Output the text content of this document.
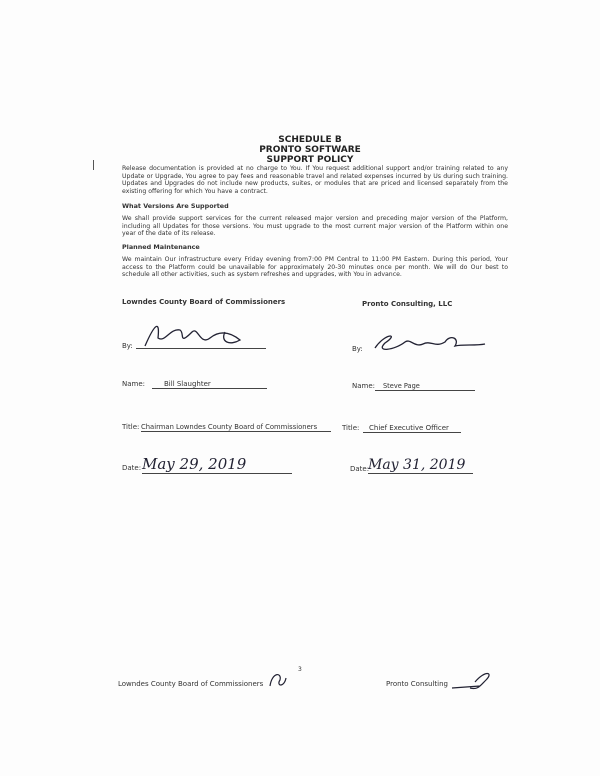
SCHEDULE B
PRONTO SOFTWARE
SUPPORT POLICY
Release documentation is provided at no charge to You. If You request additional support and/or training related to any Update or Upgrade, You agree to pay fees and reasonable travel and related expenses incurred by Us during such training. Updates and Upgrades do not include new products, suites, or modules that are priced and licensed separately from the existing offering for which You have a contract.
What Versions Are Supported
We shall provide support services for the current released major version and preceding major version of the Platform, including all Updates for those versions. You must upgrade to the most current major version of the Platform within one year of the date of its release.
Planned Maintenance
We maintain Our infrastructure every Friday evening from7:00 PM Central to 11:00 PM Eastern. During this period, Your access to the Platform could be unavailable for approximately 20-30 minutes once per month. We will do Our best to schedule all other activities, such as system refreshes and upgrades, with You in advance.
Lowndes County Board of Commissioners
By:
Name:	Bill Slaughter
Title: Chairman Lowndes County Board of Commissioners
Date: May 29, 2019
Pronto Consulting, LLC
By:
Name:	Steve Page
Title:	Chief Executive Officer
Date:
May 31, 2019
Lowndes County Board of Commissioners
3
Pronto Consulting
